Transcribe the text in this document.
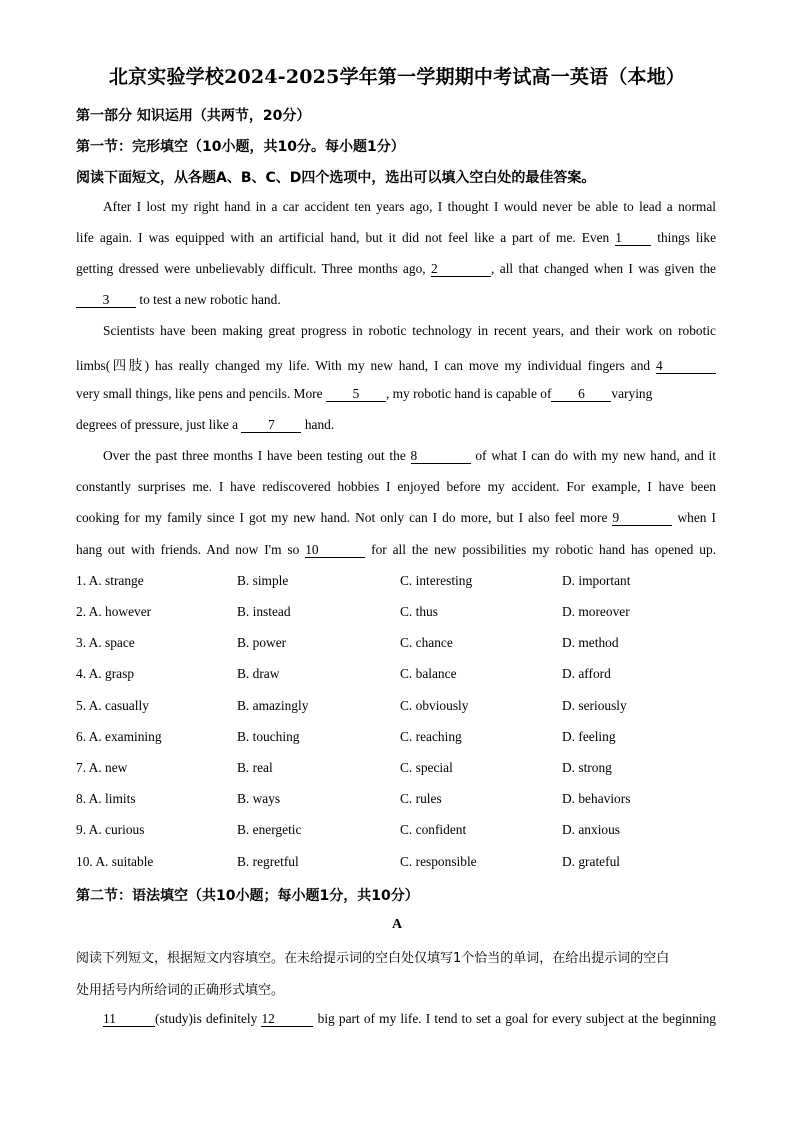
北京实验学校2024-2025学年第一学期期中考试高一英语（本地）
第一部分 知识运用（共两节，20分）
第一节：完形填空（10小题，共10分。每小题1分）
阅读下面短文，从各题A、B、C、D四个选项中，选出可以填入空白处的最佳答案。
After I lost my right hand in a car accident ten years ago, I thought I would never be able to lead a normal
life again. I was equipped with an artificial hand, but it did not feel like a part of me. Even 1	things like
getting dressed were unbelievably difficult. Three months ago, 2	, all that changed when I was given the
3 to test a new robotic hand.
Scientists have been making great progress in robotic technology in recent years, and their work on robotic
limbs(四肢) has really changed my life. With my new hand, I can move my individual fingers and 4
very small things, like pens and pencils. More 5 , my robotic hand is capable of 6 varying
degrees of pressure, just like a 7 hand.
Over the past three months I have been testing out the 8	of what I can do with my new hand, and it
constantly surprises me. I have rediscovered hobbies I enjoyed before my accident. For example, I have been
cooking for my family since I got my new hand. Not only can I do more, but I also feel more 9	when I
hang out with friends. And now I'm so 10	for all the new possibilities my robotic hand has opened up.
1. A. strange	B. simple	C. interesting	D. important
2. A. however	B. instead	C. thus	D. moreover
3. A. space	B. power	C. chance	D. method
4. A. grasp	B. draw	C. balance	D. afford
5. A. casually	B. amazingly	C. obviously	D. seriously
6. A. examining	B. touching	C. reaching	D. feeling
7. A. new	B. real	C. special	D. strong
8. A. limits	B. ways	C. rules	D. behaviors
9. A. curious	B. energetic	C. confident	D. anxious
10. A. suitable	B. regretful	C. responsible	D. grateful
第二节：语法填空（共10小题；每小题1分，共10分）
A
阅读下列短文，根据短文内容填空。在未给提示词的空白处仅填写1个恰当的单词，在给出提示词的空白
处用括号内所给词的正确形式填空。
11	(study)is definitely 12	big part of my life. I tend to set a goal for every subject at the beginning
